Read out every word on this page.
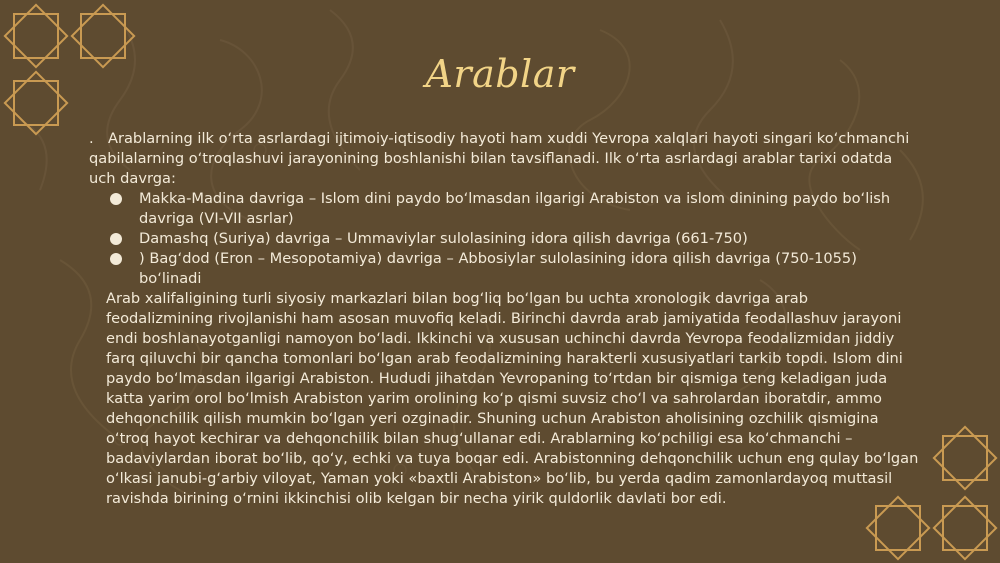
Arablar

. Arablarning ilk o‘rta asrlardagi ijtimoiy-iqtisodiy hayoti ham xuddi Yevropa xalqlari hayoti singari ko‘chmanchi qabilalarning o‘troqlashuvi jarayonining boshlanishi bilan tavsiflanadi. Ilk o‘rta asrlardagi arablar tarixi odatda uch davrga:

Makka-Madina davriga – Islom dini paydo bo‘lmasdan ilgarigi Arabiston va islom dinining paydo bo‘lish davriga (VI-VII asrlar)
Damashq (Suriya) davriga – Ummaviylar sulolasining idora qilish davriga (661-750)
) Bag‘dod (Eron – Mesopotamiya) davriga – Abbosiylar sulolasining idora qilish davriga (750-1055) bo‘linadi

Arab xalifaligining turli siyosiy markazlari bilan bog‘liq bo‘lgan bu uchta xronologik davriga arab feodalizmining rivojlanishi ham asosan muvofiq keladi. Birinchi davrda arab jamiyatida feodallashuv jarayoni endi boshlanayotganligi namoyon bo‘ladi. Ikkinchi va xususan uchinchi davrda Yevropa feodalizmidan jiddiy farq qiluvchi bir qancha tomonlari bo‘lgan arab feodalizmining harakterli xususiyatlari tarkib topdi. Islom dini paydo bo‘lmasdan ilgarigi Arabiston. Hududi jihatdan Yevropaning to‘rtdan bir qismiga teng keladigan juda katta yarim orol bo‘lmish Arabiston yarim orolining ko‘p qismi suvsiz cho‘l va sahrolardan iboratdir, ammo dehqonchilik qilish mumkin bo‘lgan yeri ozginadir. Shuning uchun Arabiston aholisining ozchilik qismigina o‘troq hayot kechirar va dehqonchilik bilan shug‘ullanar edi. Arablarning ko‘pchiligi esa ko‘chmanchi – badaviylardan iborat bo‘lib, qo‘y, echki va tuya boqar edi. Arabistonning dehqonchilik uchun eng qulay bo‘lgan o‘lkasi janubi-g‘arbiy viloyat, Yaman yoki «baxtli Arabiston» bo‘lib, bu yerda qadim zamonlardayoq muttasil ravishda birining o‘rnini ikkinchisi olib kelgan bir necha yirik quldorlik davlati bor edi.
